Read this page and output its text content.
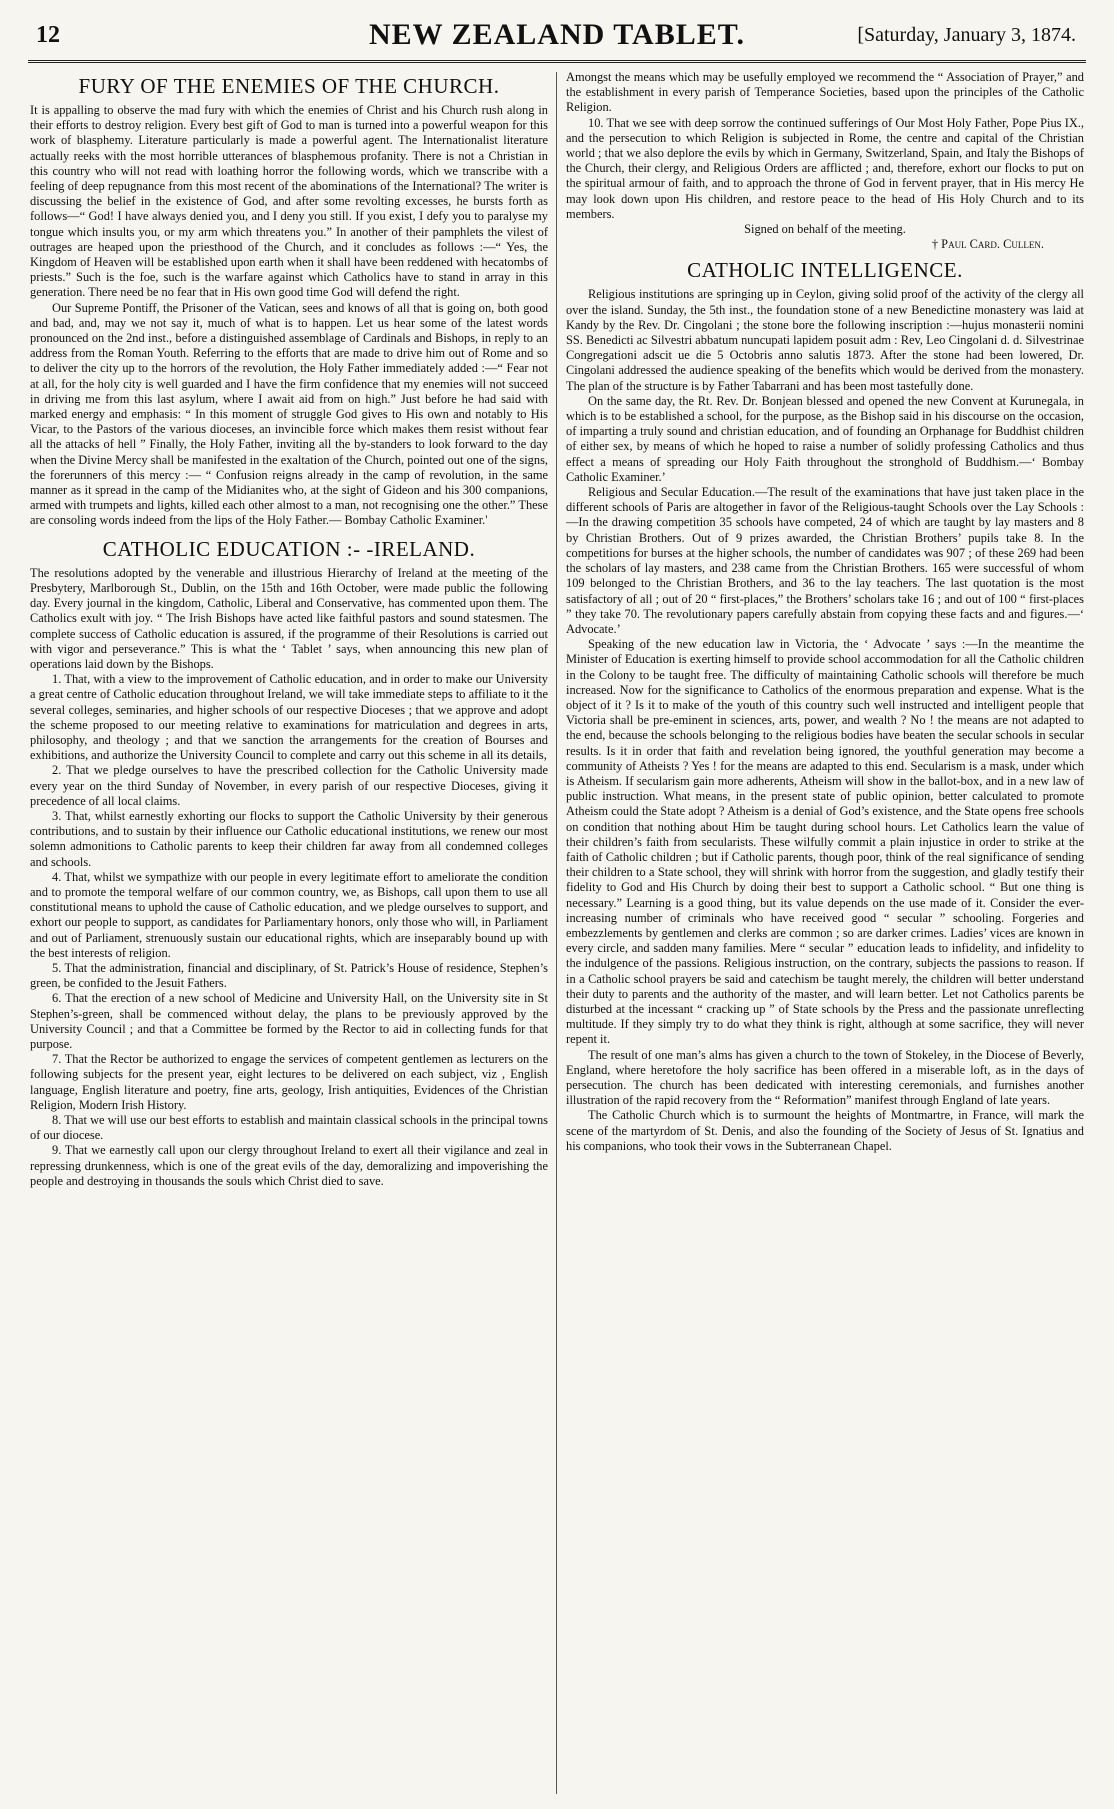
12	NEW ZEALAND TABLET.	[Saturday, January 3, 1874.
FURY OF THE ENEMIES OF THE CHURCH.

It is appalling to observe the mad fury with which the enemies of Christ and his Church rush along in their efforts to destroy religion. Every best gift of God to man is turned into a powerful weapon for this work of blasphemy. Literature particularly is made a powerful agent. The Internationalist literature actually reeks with the most horrible utterances of blasphemous profanity. There is not a Christian in this country who will not read with loathing horror the following words, which we transcribe with a feeling of deep repugnance from this most recent of the abominations of the International? The writer is discussing the belief in the existence of God, and after some revolting excesses, he bursts forth as follows—“ God! I have always denied you, and I deny you still. If you exist, I defy you to paralyse my tongue which insults you, or my arm which threatens you.” In another of their pamphlets the vilest of outrages are heaped upon the priesthood of the Church, and it concludes as follows :—“ Yes, the Kingdom of Heaven will be established upon earth when it shall have been reddened with hecatombs of priests.” Such is the foe, such is the warfare against which Catholics have to stand in array in this generation. There need be no fear that in His own good time God will defend the right.

Our Supreme Pontiff, the Prisoner of the Vatican, sees and knows of all that is going on, both good and bad, and, may we not say it, much of what is to happen. Let us hear some of the latest words pronounced on the 2nd inst., before a distinguished assemblage of Cardinals and Bishops, in reply to an address from the Roman Youth. Referring to the efforts that are made to drive him out of Rome and so to deliver the city up to the horrors of the revolution, the Holy Father immediately added :—“ Fear not at all, for the holy city is well guarded and I have the firm confidence that my enemies will not succeed in driving me from this last asylum, where I await aid from on high.” Just before he had said with marked energy and emphasis: “ In this moment of struggle God gives to His own and notably to His Vicar, to the Pastors of the various dioceses, an invincible force which makes them resist without fear all the attacks of hell ” Finally, the Holy Father, inviting all the by-standers to look forward to the day when the Divine Mercy shall be manifested in the exaltation of the Church, pointed out one of the signs, the forerunners of this mercy :— “ Confusion reigns already in the camp of revolution, in the same manner as it spread in the camp of the Midianites who, at the sight of Gideon and his 300 companions, armed with trumpets and lights, killed each other almost to a man, not recognising one the other.” These are consoling words indeed from the lips of the Holy Father.— Bombay Catholic Examiner.'

CATHOLIC EDUCATION :- -IRELAND.

The resolutions adopted by the venerable and illustrious Hierarchy of Ireland at the meeting of the Presbytery, Marlborough St., Dublin, on the 15th and 16th October, were made public the following day. Every journal in the kingdom, Catholic, Liberal and Conservative, has commented upon them. The Catholics exult with joy. “ The Irish Bishops have acted like faithful pastors and sound statesmen. The complete success of Catholic education is assured, if the programme of their Resolutions is carried out with vigor and perseverance.” This is what the ‘ Tablet ’ says, when announcing this new plan of operations laid down by the Bishops.

1. That, with a view to the improvement of Catholic education, and in order to make our University a great centre of Catholic education throughout Ireland, we will take immediate steps to affiliate to it the several colleges, seminaries, and higher schools of our respective Dioceses ; that we approve and adopt the scheme proposed to our meeting relative to examinations for matriculation and degrees in arts, philosophy, and theology ; and that we sanction the arrangements for the creation of Bourses and exhibitions, and authorize the University Council to complete and carry out this scheme in all its details,

2. That we pledge ourselves to have the prescribed collection for the Catholic University made every year on the third Sunday of November, in every parish of our respective Dioceses, giving it precedence of all local claims.

3. That, whilst earnestly exhorting our flocks to support the Catholic University by their generous contributions, and to sustain by their influence our Catholic educational institutions, we renew our most solemn admonitions to Catholic parents to keep their children far away from all condemned colleges and schools.

4. That, whilst we sympathize with our people in every legitimate effort to ameliorate the condition and to promote the temporal welfare of our common country, we, as Bishops, call upon them to use all constitutional means to uphold the cause of Catholic education, and we pledge ourselves to support, and exhort our people to support, as candidates for Parliamentary honors, only those who will, in Parliament and out of Parliament, strenuously sustain our educational rights, which are inseparably bound up with the best interests of religion.

5. That the administration, financial and disciplinary, of St. Patrick’s House of residence, Stephen’s green, be confided to the Jesuit Fathers.

6. That the erection of a new school of Medicine and University Hall, on the University site in St Stephen’s-green, shall be commenced without delay, the plans to be previously approved by the University Council ; and that a Committee be formed by the Rector to aid in collecting funds for that purpose.

7. That the Rector be authorized to engage the services of competent gentlemen as lecturers on the following subjects for the present year, eight lectures to be delivered on each subject, viz , English language, English literature and poetry, fine arts, geology, Irish antiquities, Evidences of the Christian Religion, Modern Irish History.

8. That we will use our best efforts to establish and maintain classical schools in the principal towns of our diocese.

9. That we earnestly call upon our clergy throughout Ireland to exert all their vigilance and zeal in repressing drunkenness, which is one of the great evils of the day, demoralizing and impoverishing the people and destroying in thousands the souls which Christ died to save.

Amongst the means which may be usefully employed we recommend the “ Association of Prayer,” and the establishment in every parish of Temperance Societies, based upon the principles of the Catholic Religion.

10. That we see with deep sorrow the continued sufferings of Our Most Holy Father, Pope Pius IX., and the persecution to which Religion is subjected in Rome, the centre and capital of the Christian world ; that we also deplore the evils by which in Germany, Switzerland, Spain, and Italy the Bishops of the Church, their clergy, and Religious Orders are afflicted ; and, therefore, exhort our flocks to put on the spiritual armour of faith, and to approach the throne of God in fervent prayer, that in His mercy He may look down upon His children, and restore peace to the head of His Holy Church and to its members.

Signed on behalf of the meeting.
† Paul Card. Cullen.
CATHOLIC INTELLIGENCE.

Religious institutions are springing up in Ceylon, giving solid proof of the activity of the clergy all over the island. Sunday, the 5th inst., the foundation stone of a new Benedictine monastery was laid at Kandy by the Rev. Dr. Cingolani ; the stone bore the following inscription :—hujus monasterii nomini SS. Benedicti ac Silvestri abbatum nuncupati lapidem posuit adm : Rev, Leo Cingolani d. d. Silvestrinae Congregationi adscit ue die 5 Octobris anno salutis 1873. After the stone had been lowered, Dr. Cingolani addressed the audience speaking of the benefits which would be derived from the monastery. The plan of the structure is by Father Tabarrani and has been most tastefully done.

On the same day, the Rt. Rev. Dr. Bonjean blessed and opened the new Convent at Kurunegala, in which is to be established a school, for the purpose, as the Bishop said in his discourse on the occasion, of imparting a truly sound and christian education, and of founding an Orphanage for Buddhist children of either sex, by means of which he hoped to raise a number of solidly professing Catholics and thus effect a means of spreading our Holy Faith throughout the stronghold of Buddhism.—‘ Bombay Catholic Examiner.’

Religious and Secular Education.—The result of the examinations that have just taken place in the different schools of Paris are altogether in favor of the Religious-taught Schools over the Lay Schools : —In the drawing competition 35 schools have competed, 24 of which are taught by lay masters and 8 by Christian Brothers. Out of 9 prizes awarded, the Christian Brothers’ pupils take 8. In the competitions for burses at the higher schools, the number of candidates was 907 ; of these 269 had been the scholars of lay masters, and 238 came from the Christian Brothers. 165 were successful of whom 109 belonged to the Christian Brothers, and 36 to the lay teachers. The last quotation is the most satisfactory of all ; out of 20 “ first-places,” the Brothers’ scholars take 16 ; and out of 100 “ first-places ” they take 70. The revolutionary papers carefully abstain from copying these facts and and figures.—‘ Advocate.’

Speaking of the new education law in Victoria, the ‘ Advocate ’ says :—In the meantime the Minister of Education is exerting himself to provide school accommodation for all the Catholic children in the Colony to be taught free. The difficulty of maintaining Catholic schools will therefore be much increased. Now for the significance to Catholics of the enormous preparation and expense. What is the object of it ? Is it to make of the youth of this country such well instructed and intelligent people that Victoria shall be pre-eminent in sciences, arts, power, and wealth ? No ! the means are not adapted to the end, because the schools belonging to the religious bodies have beaten the secular schools in secular results. Is it in order that faith and revelation being ignored, the youthful generation may become a community of Atheists ? Yes ! for the means are adapted to this end. Secularism is a mask, under which is Atheism. If secularism gain more adherents, Atheism will show in the ballot-box, and in a new law of public instruction. What means, in the present state of public opinion, better calculated to promote Atheism could the State adopt ? Atheism is a denial of God’s existence, and the State opens free schools on condition that nothing about Him be taught during school hours. Let Catholics learn the value of their children’s faith from secularists. These wilfully commit a plain injustice in order to strike at the faith of Catholic children ; but if Catholic parents, though poor, think of the real significance of sending their children to a State school, they will shrink with horror from the suggestion, and gladly testify their fidelity to God and His Church by doing their best to support a Catholic school. “ But one thing is necessary.” Learning is a good thing, but its value depends on the use made of it. Consider the ever-increasing number of criminals who have received good “ secular ” schooling. Forgeries and embezzlements by gentlemen and clerks are common ; so are darker crimes. Ladies’ vices are known in every circle, and sadden many families. Mere “ secular ” education leads to infidelity, and infidelity to the indulgence of the passions. Religious instruction, on the contrary, subjects the passions to reason. If in a Catholic school prayers be said and catechism be taught merely, the children will better understand their duty to parents and the authority of the master, and will learn better. Let not Catholics parents be disturbed at the incessant “ cracking up ” of State schools by the Press and the passionate unreflecting multitude. If they simply try to do what they think is right, although at some sacrifice, they will never repent it.

The result of one man’s alms has given a church to the town of Stokeley, in the Diocese of Beverly, England, where heretofore the holy sacrifice has been offered in a miserable loft, as in the days of persecution. The church has been dedicated with interesting ceremonials, and furnishes another illustration of the rapid recovery from the “ Reformation” manifest through England of late years.

The Catholic Church which is to surmount the heights of Montmartre, in France, will mark the scene of the martyrdom of St. Denis, and also the founding of the Society of Jesus of St. Ignatius and his companions, who took their vows in the Subterranean Chapel.
